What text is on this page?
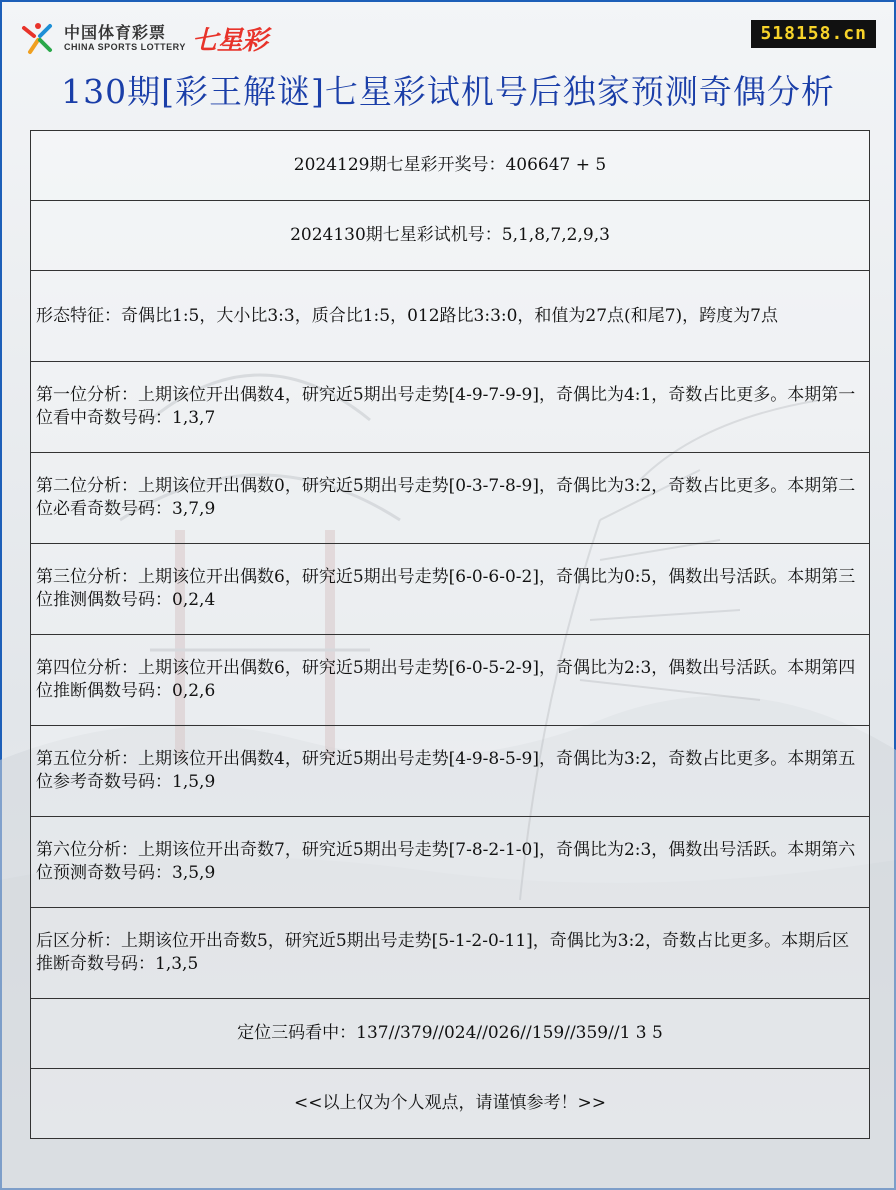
中国体育彩票
CHINA SPORTS LOTTERY 七星彩	518158.cn
130期[彩王解谜]七星彩试机号后独家预测奇偶分析
2024129期七星彩开奖号：406647 + 5
2024130期七星彩试机号：5,1,8,7,2,9,3
形态特征：奇偶比1:5，大小比3:3，质合比1:5，012路比3:3:0，和值为27点(和尾7)，跨度为7点
第一位分析：上期该位开出偶数4，研究近5期出号走势[4-9-7-9-9]，奇偶比为4:1，奇数占比更多。本期第一位看中奇数号码：1,3,7
第二位分析：上期该位开出偶数0，研究近5期出号走势[0-3-7-8-9]，奇偶比为3:2，奇数占比更多。本期第二位必看奇数号码：3,7,9
第三位分析：上期该位开出偶数6，研究近5期出号走势[6-0-6-0-2]，奇偶比为0:5，偶数出号活跃。本期第三位推测偶数号码：0,2,4
第四位分析：上期该位开出偶数6，研究近5期出号走势[6-0-5-2-9]，奇偶比为2:3，偶数出号活跃。本期第四位推断偶数号码：0,2,6
第五位分析：上期该位开出偶数4，研究近5期出号走势[4-9-8-5-9]，奇偶比为3:2，奇数占比更多。本期第五位参考奇数号码：1,5,9
第六位分析：上期该位开出奇数7，研究近5期出号走势[7-8-2-1-0]，奇偶比为2:3，偶数出号活跃。本期第六位预测奇数号码：3,5,9
后区分析：上期该位开出奇数5，研究近5期出号走势[5-1-2-0-11]，奇偶比为3:2，奇数占比更多。本期后区推断奇数号码：1,3,5
定位三码看中：137//379//024//026//159//359//1 3 5
<<以上仅为个人观点，请谨慎参考！>>
